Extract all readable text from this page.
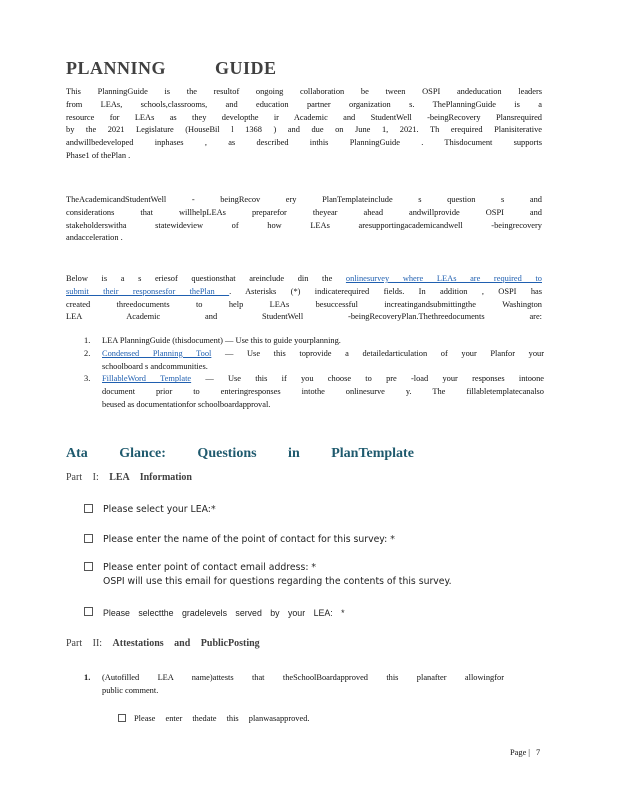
PLANNING GUIDE
This PlanningGuide is the resultof ongoing collaboration be tween OSPI andeducation leaders
from LEAs, schools,classrooms, and education partner organization s. ThePlanningGuide is a
resource for LEAs as they developthe ir Academic and StudentWell -beingRecovery Plansrequired
by the 2021 Legislature (HouseBil l 1368 ) and due on June 1, 2021. Th erequired Planisiterative
andwillbedeveloped inphases , as described inthis PlanningGuide . Thisdocument supports
Phase1 of thePlan .
TheAcademicandStudentWell - beingRecov ery PlanTemplateinclude s question s and
considerations that willhelpLEAs preparefor theyear ahead andwillprovide OSPI and
stakeholderswitha statewideview of how LEAs aresupportingacademicandwell -beingrecovery
andacceleration .
Below is a s eriesof questionsthat areinclude din the onlinesurvey where LEAs are required to
submit their responsesfor thePlan . Asterisks (*) indicaterequired fields. In addition , OSPI has
created threedocuments to help LEAs besuccessful increatingandsubmittingthe Washington
LEA Academic and StudentWell -beingRecoveryPlan.Thethreedocuments are:
1. LEA PlanningGuide (thisdocument) — Use this to guide yourplanning.
2. Condensed Planning Tool — Use this toprovide a detailedarticulation of your Planfor your
schoolboard s andcommunities.
3. FillableWord Template — Use this if you choose to pre -load your responses intoone
document prior to enteringresponses intothe onlinesurve y. The fillabletemplatecanalso
beused as documentationfor schoolboardapproval.
Ata Glance: Questions in PlanTemplate
Part I: LEA Information
Please select your LEA:*
Please enter the name of the point of contact for this survey: *
Please enter point of contact email address: *
OSPI will use this email for questions regarding the contents of this survey.
Please selectthe gradelevels served by your LEA: *
Part II: Attestations and PublicPosting
1. (Autofilled LEA name)attests that theSchoolBoardapproved this planafter allowingfor
public comment.
Please enter thedate this planwasapproved.
Page | 7
